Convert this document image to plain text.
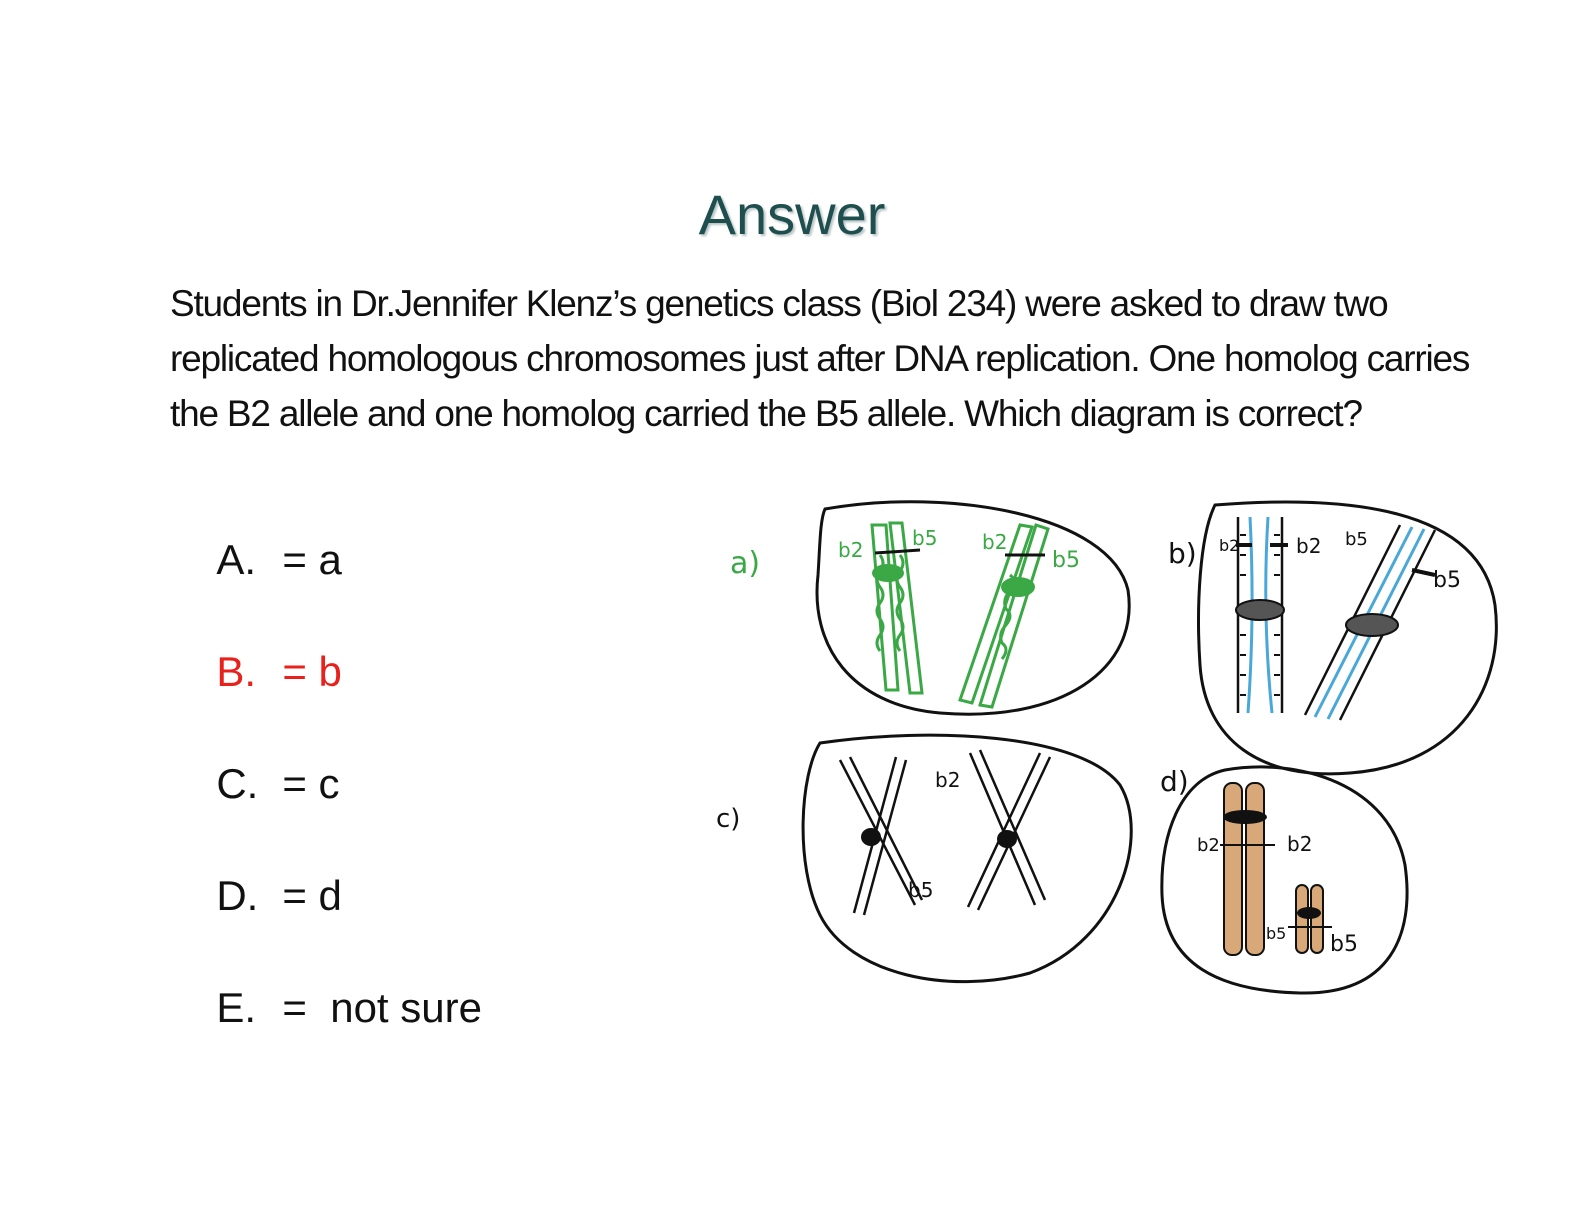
Answer
Students in Dr.Jennifer Klenz’s genetics class (Biol 234) were asked to draw two replicated homologous chromosomes just after DNA replication. One homolog carries the B2 allele and one homolog carried the B5 allele. Which diagram is correct?

A. = a

B. = b

C. = c

D. = d

E. =  not sure

a)	b2 b5 b2
b5	b) b2	b2 b5
b5
c)
b2
b5
d)
b2	b2
b5 b5
